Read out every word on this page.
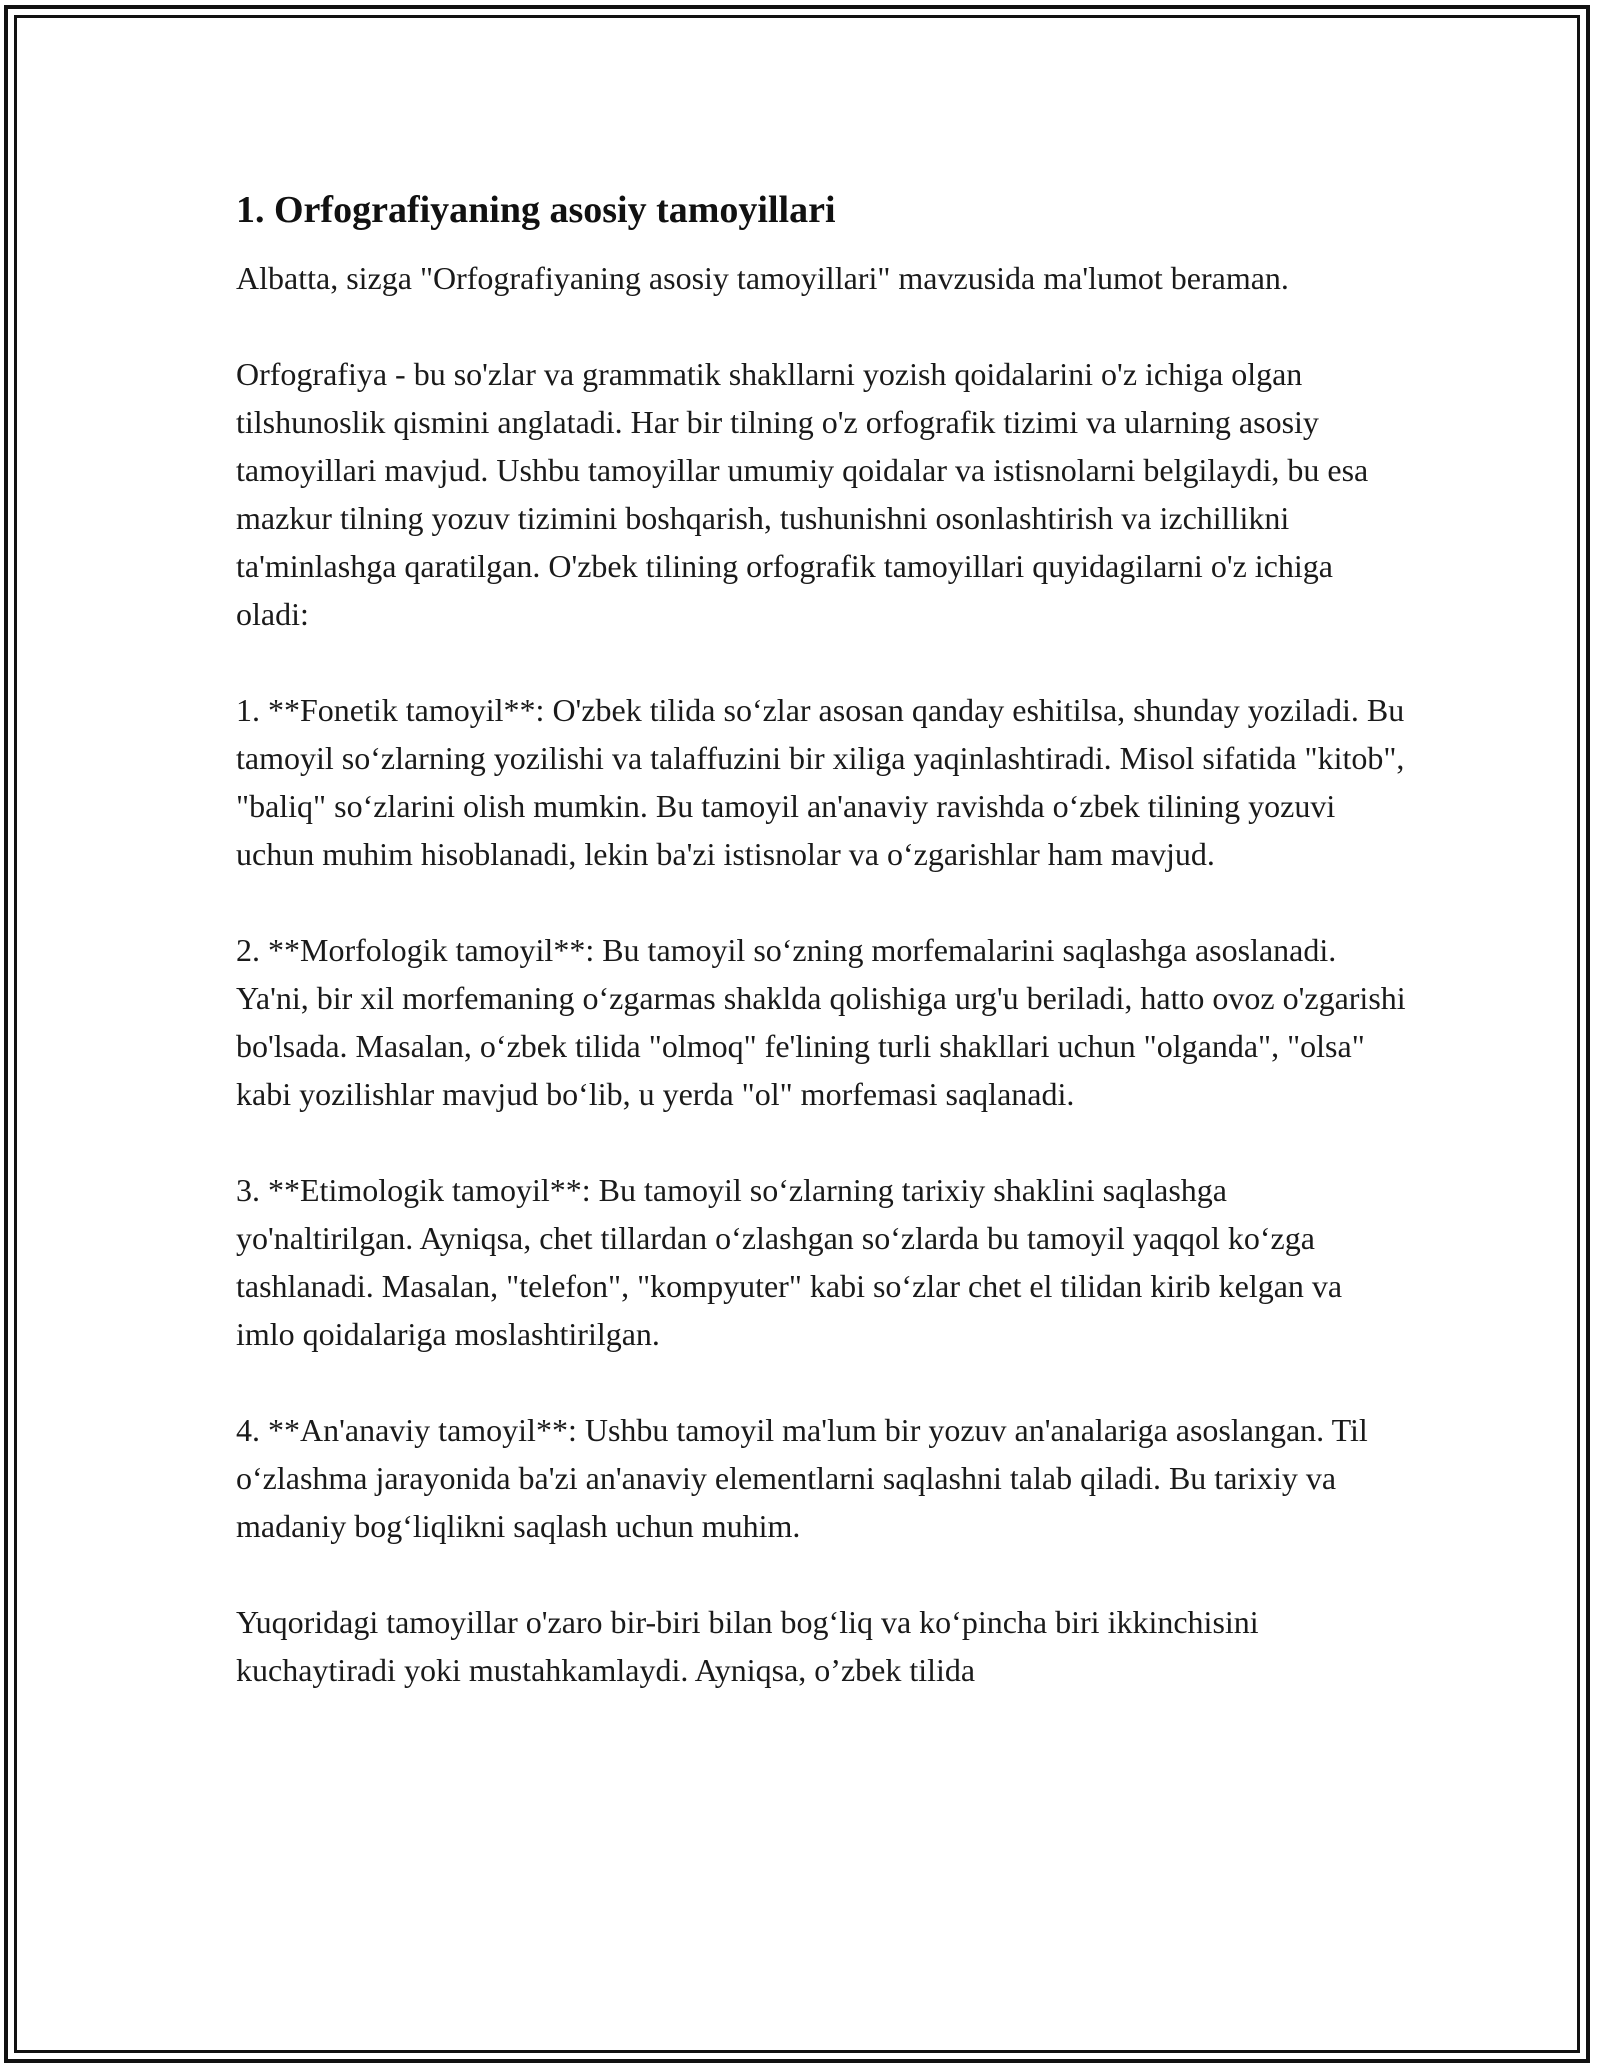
1. Orfografiyaning asosiy tamoyillari

Albatta, sizga "Orfografiyaning asosiy tamoyillari" mavzusida ma'lumot beraman.

Orfografiya - bu so'zlar va grammatik shakllarni yozish qoidalarini o'z ichiga olgan tilshunoslik qismini anglatadi. Har bir tilning o'z orfografik tizimi va ularning asosiy tamoyillari mavjud. Ushbu tamoyillar umumiy qoidalar va istisnolarni belgilaydi, bu esa mazkur tilning yozuv tizimini boshqarish, tushunishni osonlashtirish va izchillikni ta'minlashga qaratilgan. O'zbek tilining orfografik tamoyillari quyidagilarni o'z ichiga oladi:

1. **Fonetik tamoyil**: O'zbek tilida so‘zlar asosan qanday eshitilsa, shunday yoziladi. Bu tamoyil so‘zlarning yozilishi va talaffuzini bir xiliga yaqinlashtiradi. Misol sifatida "kitob", "baliq" so‘zlarini olish mumkin. Bu tamoyil an'anaviy ravishda o‘zbek tilining yozuvi uchun muhim hisoblanadi, lekin ba'zi istisnolar va o‘zgarishlar ham mavjud.

2. **Morfologik tamoyil**: Bu tamoyil so‘zning morfemalarini saqlashga asoslanadi. Ya'ni, bir xil morfemaning o‘zgarmas shaklda qolishiga urg'u beriladi, hatto ovoz o'zgarishi bo'lsada. Masalan, o‘zbek tilida "olmoq" fe'lining turli shakllari uchun "olganda", "olsa" kabi yozilishlar mavjud bo‘lib, u yerda "ol" morfemasi saqlanadi.

3. **Etimologik tamoyil**: Bu tamoyil so‘zlarning tarixiy shaklini saqlashga yo'naltirilgan. Ayniqsa, chet tillardan o‘zlashgan so‘zlarda bu tamoyil yaqqol ko‘zga tashlanadi. Masalan, "telefon", "kompyuter" kabi so‘zlar chet el tilidan kirib kelgan va imlo qoidalariga moslashtirilgan.

4. **An'anaviy tamoyil**: Ushbu tamoyil ma'lum bir yozuv an'analariga asoslangan. Til o‘zlashma jarayonida ba'zi an'anaviy elementlarni saqlashni talab qiladi. Bu tarixiy va madaniy bog‘liqlikni saqlash uchun muhim.

Yuqoridagi tamoyillar o'zaro bir-biri bilan bog‘liq va ko‘pincha biri ikkinchisini kuchaytiradi yoki mustahkamlaydi. Ayniqsa, o’zbek tilida
